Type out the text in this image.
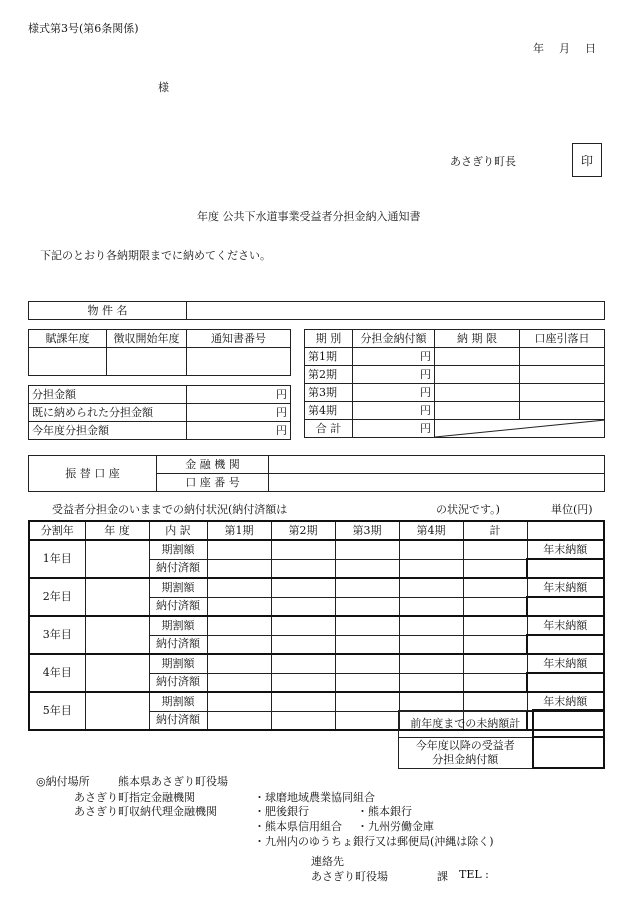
様式第3号(第6条関係)
年 月 日
様
あさぎり町長	印
年度 公共下水道事業受益者分担金納入通知書
下記のとおり各納期限までに納めてください。
物 件 名	
賦課年度	徴収開始年度	通知書番号

分担金額	円
既に納められた分担金額	円
今年度分担金額	円
期 別	分担金納付額	納 期 限	口座引落日
第1期	円		
第2期	円		
第3期	円		
第4期	円		
合 計	円	
振 替 口 座	金 融 機 関	
	口 座 番 号	
受益者分担金のいままでの納付状況(納付済額は	の状況です。)	単位(円)
分割年	年 度	内 訳	第1期	第2期	第3期	第4期	計	
1年目		期割額						年末納額
		納付済額						
2年目		期割額						年末納額
		納付済額						
3年目		期割額						年末納額
		納付済額						
4年目		期割額						年末納額
		納付済額						
5年目		期割額						年末納額
		納付済額							前年度までの未納額計	

今年度以降の受益者
分担金納付額	

◎納付場所	熊本県あさぎり町役場
あさぎり町指定金融機関
あさぎり町収納代理金融機関
・球磨地域農業協同組合
・肥後銀行	・熊本銀行
・熊本県信用組合 ・九州労働金庫
・九州内のゆうちょ銀行又は郵便局(沖縄は除く)
連絡先
あさぎり町役場	課 TEL :
